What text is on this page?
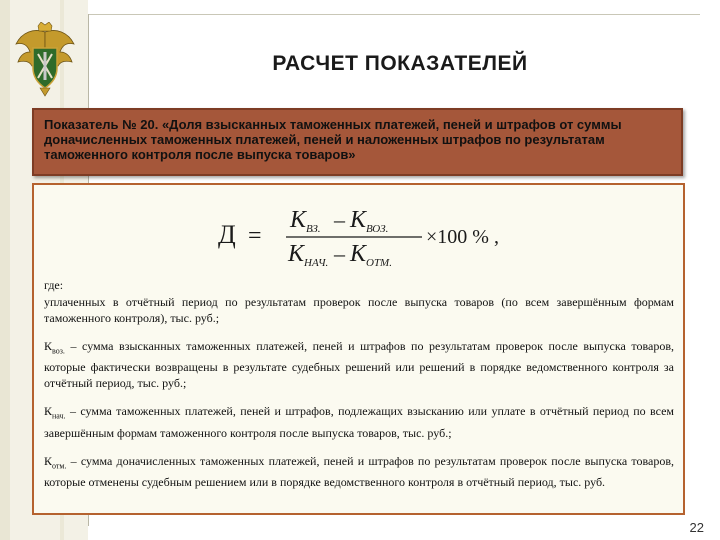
РАСЧЕТ ПОКАЗАТЕЛЕЙ
Показатель № 20. «Доля взысканных таможенных платежей, пеней и штрафов от суммы доначисленных таможенных платежей, пеней и наложенных штрафов по результатам таможенного контроля после выпуска товаров»
Д =
К ВЗ. – К ВОЗ.
К НАЧ. – К ОТМ.
×100 % ,
где:
уплаченных в отчётный период по результатам проверок после выпуска товаров (по всем завершённым формам таможенного контроля), тыс. руб.;
$К_{воз.}$ – сумма взысканных таможенных платежей, пеней и штрафов по результатам проверок после выпуска товаров, которые фактически возвращены в результате судебных решений или решений в порядке ведомственного контроля за отчётный период, тыс. руб.;
$К_{нач.}$ – сумма таможенных платежей, пеней и штрафов, подлежащих взысканию или уплате в отчётный период по всем завершённым формам таможенного контроля после выпуска товаров, тыс. руб.;
$К_{отм.}$ – сумма доначисленных таможенных платежей, пеней и штрафов по результатам проверок после выпуска товаров, которые отменены судебным решением или в порядке ведомственного контроля в отчётный период, тыс. руб.
22
